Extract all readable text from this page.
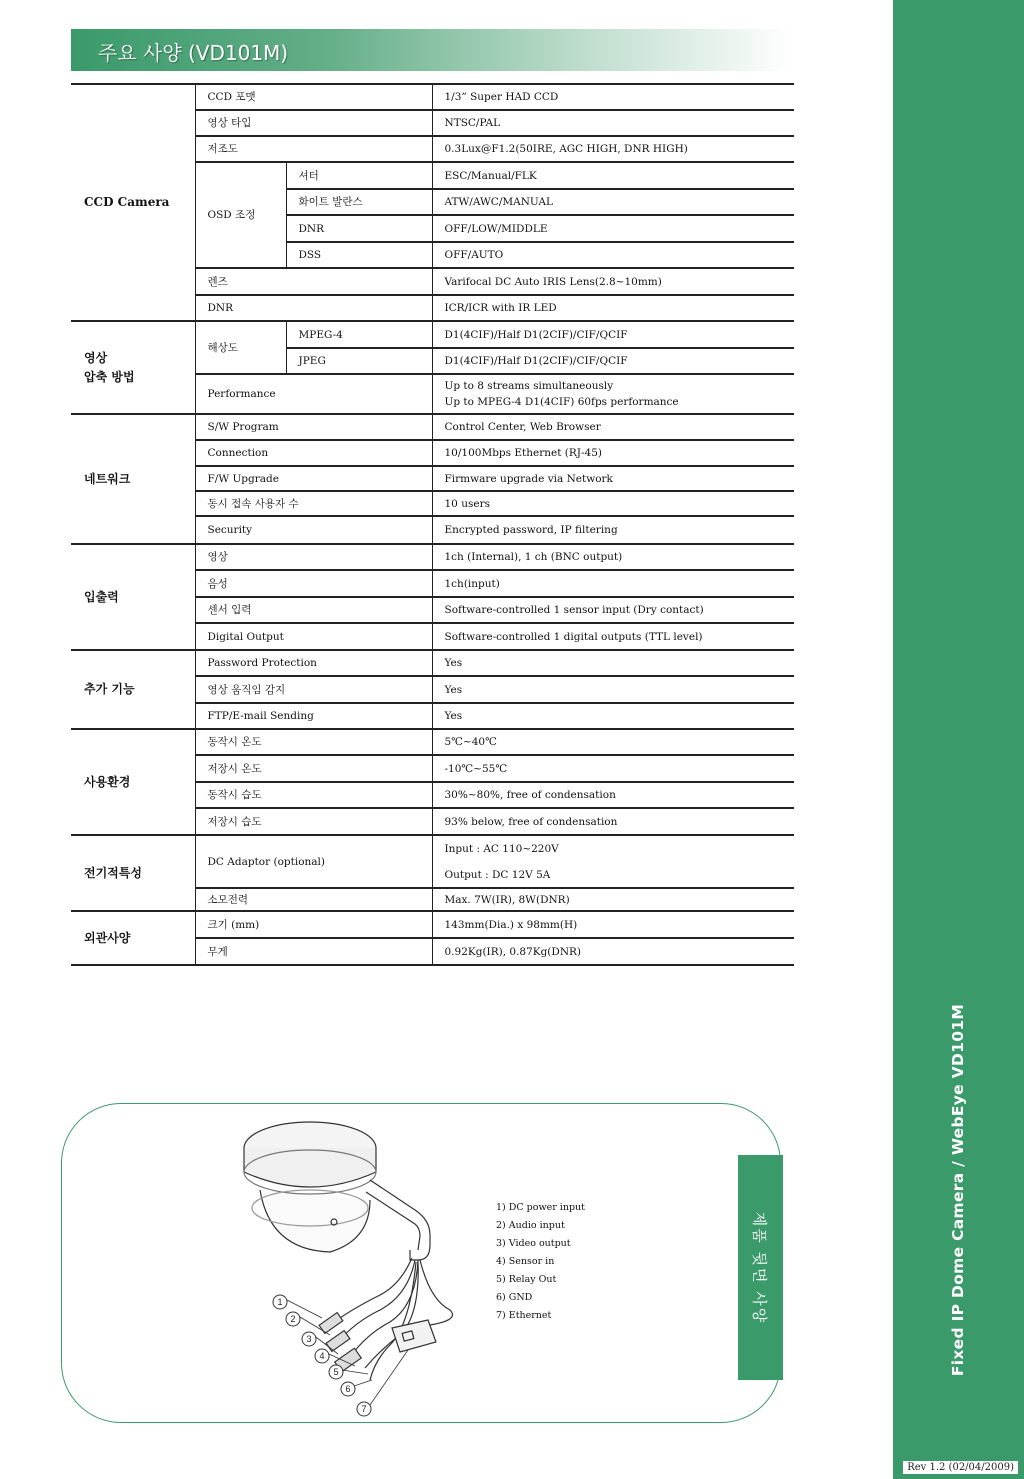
Fixed IP Dome Camera / WebEye VD101M
Rev 1.2 (02/04/2009)
주요 사양 (VD101M)
CCD Camera	CCD 포맷		1/3” Super HAD CCD
	영상 타입		NTSC/PAL
	저조도		0.3Lux@F1.2(50IRE, AGC HIGH, DNR HIGH)
	OSD 조정	셔터	ESC/Manual/FLK
		화이트 발란스	ATW/AWC/MANUAL
		DNR	OFF/LOW/MIDDLE
		DSS	OFF/AUTO
	렌즈		Varifocal DC Auto IRIS Lens(2.8~10mm)
	DNR		ICR/ICR with IR LED

영상
압축 방법	해상도	MPEG-4	D1(4CIF)/Half D1(2CIF)/CIF/QCIF
		JPEG	D1(4CIF)/Half D1(2CIF)/CIF/QCIF
	Performance		Up to 8 streams simultaneously
Up to MPEG-4 D1(4CIF) 60fps performance

네트워크	S/W Program		Control Center, Web Browser
	Connection		10/100Mbps Ethernet (RJ-45)
	F/W Upgrade		Firmware upgrade via Network
	동시 접속 사용자 수		10 users
	Security		Encrypted password, IP filtering
입출력	영상		1ch (Internal), 1 ch (BNC output)
	음성		1ch(input)
	센서 입력		Software-controlled 1 sensor input (Dry contact)
	Digital Output		Software-controlled 1 digital outputs (TTL level)
추가 기능	Password Protection		Yes
	영상 움직임 감지		Yes
	FTP/E-mail Sending		Yes
사용환경	동작시 온도		5℃~40℃
	저장시 온도		-10℃~55℃
	동작시 습도		30%~80%, free of condensation
	저장시 습도		93% below, free of condensation
전기적특성	DC Adaptor (optional)		Input : AC 110~220V
			Output : DC 12V 5A
	소모전력		Max. 7W(IR), 8W(DNR)
외관사양	크기 (mm)		143mm(Dia.) x 98mm(H)
	무게		0.92Kg(IR), 0.87Kg(DNR)
제품 뒷면 사양
1
2
3
4
5
6
7
1) DC power input
2) Audio input
3) Video output
4) Sensor in
5) Relay Out
6) GND
7) Ethernet
